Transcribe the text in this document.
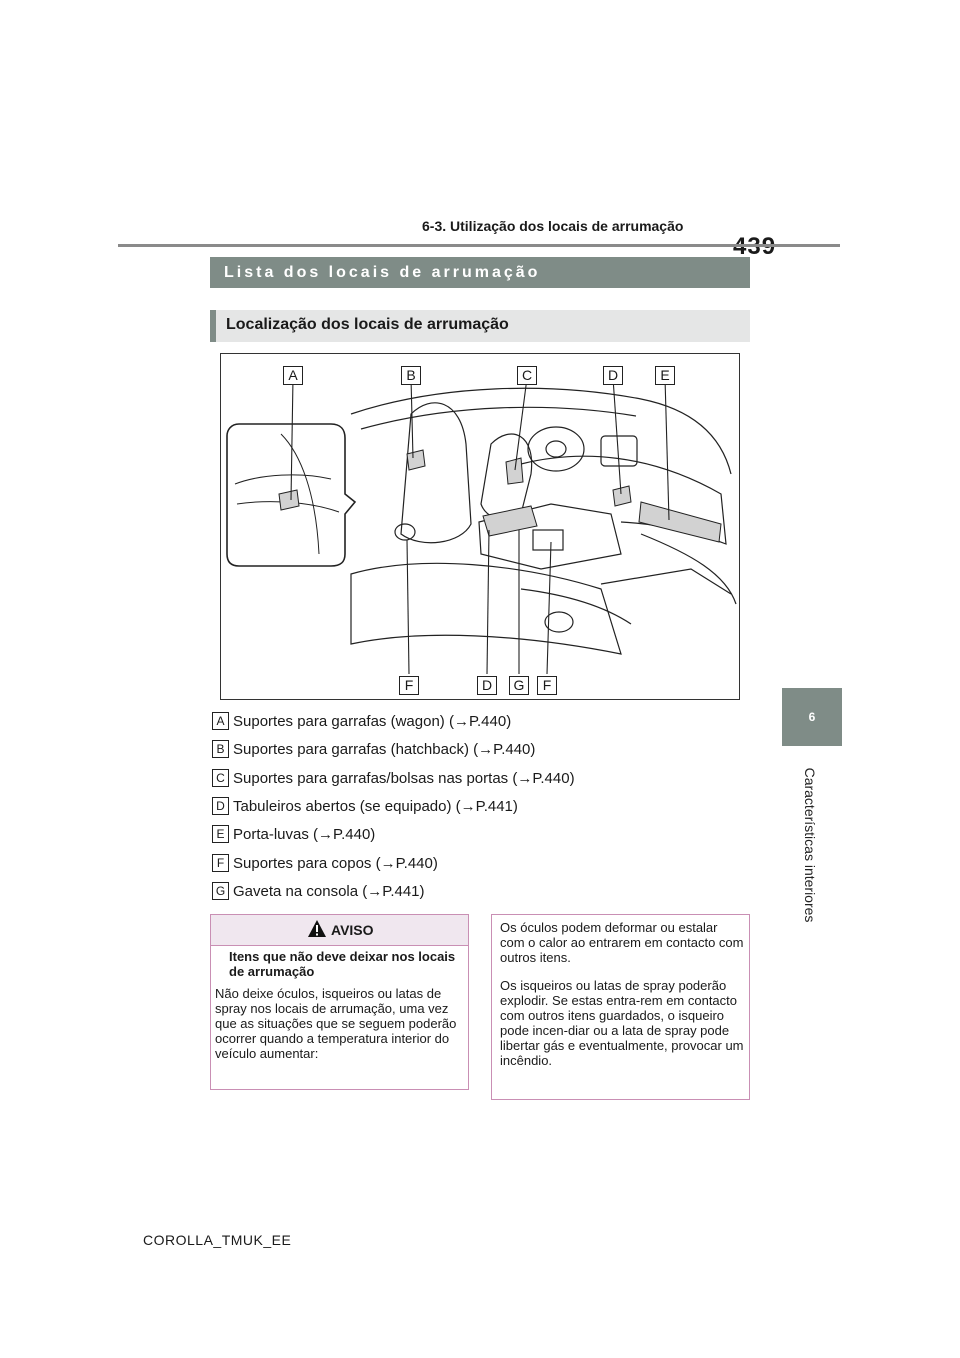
6-3. Utilização dos locais de arrumação
6
Características interiores
Lista dos locais de arrumação
Localização dos locais de arrumação
A	B	C	D	E
F	D	G	F
A Suportes para garrafas (wagon) (→P.440)
B Suportes para garrafas (hatchback) (→P.440)
C Suportes para garrafas/bolsas nas portas (→P.440)
D Tabuleiros abertos (se equipado) (→P.441)
E Porta-luvas (→P.440)
F Suportes para copos (→P.440)
G Gaveta na consola (→P.441)
AVISO
Itens que não deve deixar nos locais de arrumação
Não deixe óculos, isqueiros ou latas de spray nos locais de arrumação, uma vez que as situações que se seguem poderão ocorrer quando a temperatura interior do veículo aumentar:
Os óculos podem deformar ou estalar com o calor ao entrarem em contacto com outros itens.
Os isqueiros ou latas de spray poderão explodir. Se estas entra-rem em contacto com outros itens guardados, o isqueiro pode incen-diar ou a lata de spray pode libertar gás e eventualmente, provocar um incêndio.
COROLLA_TMUK_EE
